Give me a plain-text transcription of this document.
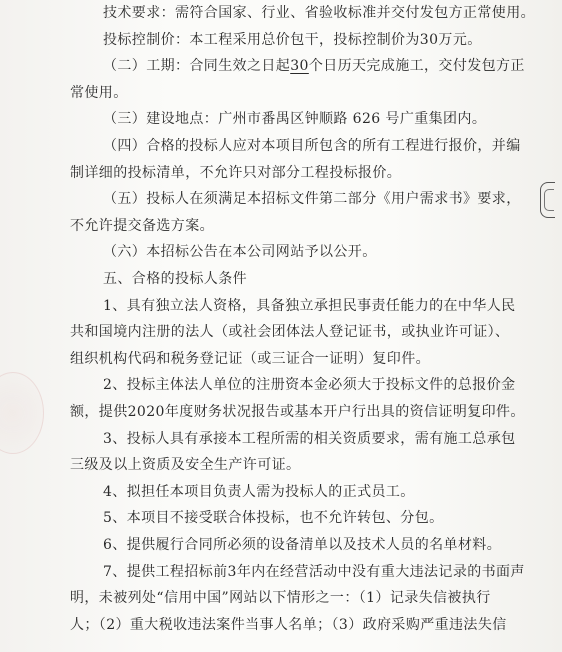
技术要求：需符合国家、行业、省验收标准并交付发包方正常使用。
投标控制价：本工程采用总价包干，投标控制价为30万元。
（二）工期：合同生效之日起30个日历天完成施工，交付发包方正
常使用。
（三）建设地点：广州市番禺区钟顺路 626 号广重集团内。
（四）合格的投标人应对本项目所包含的所有工程进行报价，并编
制详细的投标清单，不允许只对部分工程投标报价。
（五）投标人在须满足本招标文件第二部分《用户需求书》要求，
不允许提交备选方案。
（六）本招标公告在本公司网站予以公开。
五、合格的投标人条件
1、具有独立法人资格，具备独立承担民事责任能力的在中华人民
共和国境内注册的法人（或社会团体法人登记证书，或执业许可证）、
组织机构代码和税务登记证（或三证合一证明）复印件。
2、投标主体法人单位的注册资本金必须大于投标文件的总报价金
额，提供2020年度财务状况报告或基本开户行出具的资信证明复印件。
3、投标人具有承接本工程所需的相关资质要求，需有施工总承包
三级及以上资质及安全生产许可证。
4、拟担任本项目负责人需为投标人的正式员工。
5、本项目不接受联合体投标，也不允许转包、分包。
6、提供履行合同所必须的设备清单以及技术人员的名单材料。
7、提供工程招标前3年内在经营活动中没有重大违法记录的书面声
明，未被列处“信用中国”网站以下情形之一：（1）记录失信被执行
人；（2）重大税收违法案件当事人名单；（3）政府采购严重违法失信
